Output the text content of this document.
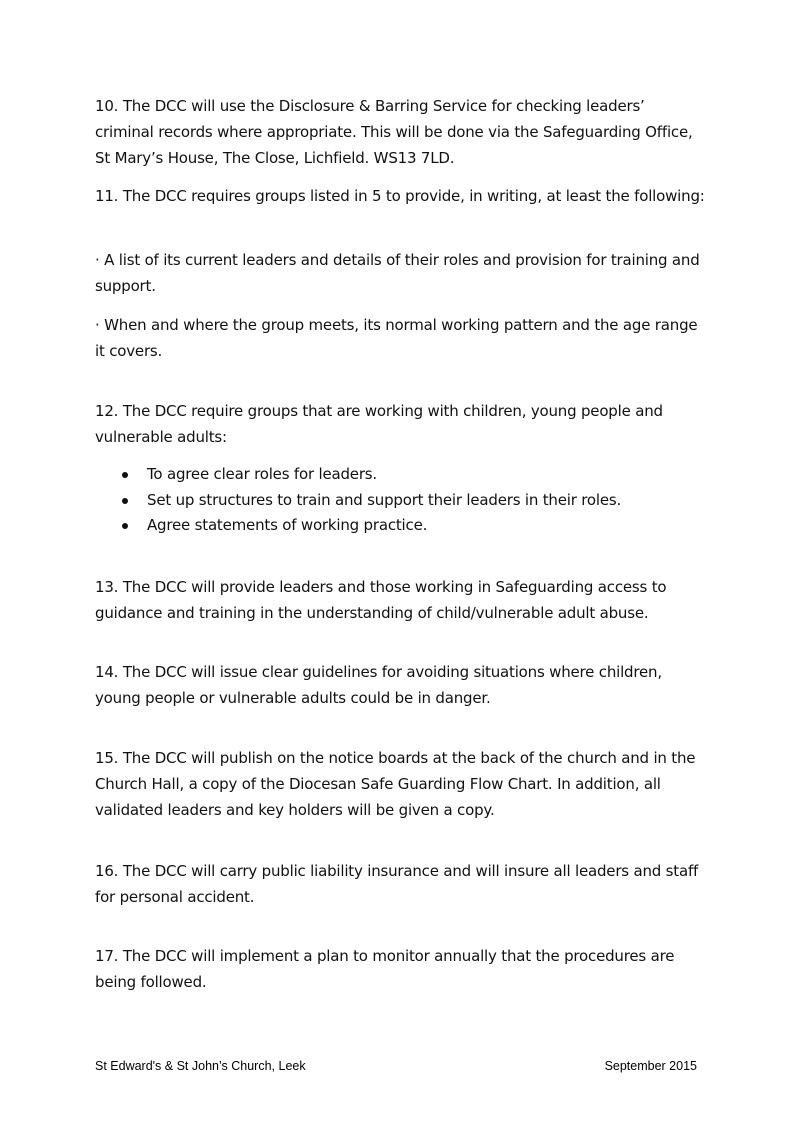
10. The DCC will use the Disclosure & Barring Service for checking leaders’ criminal records where appropriate. This will be done via the Safeguarding Office, St Mary’s House, The Close, Lichfield. WS13 7LD.

11. The DCC requires groups listed in 5 to provide, in writing, at least the following:

· A list of its current leaders and details of their roles and provision for training and support.

· When and where the group meets, its normal working pattern and the age range it covers.

12. The DCC require groups that are working with children, young people and vulnerable adults:

To agree clear roles for leaders.
Set up structures to train and support their leaders in their roles.
Agree statements of working practice.

13. The DCC will provide leaders and those working in Safeguarding access to guidance and training in the understanding of child/vulnerable adult abuse.

14. The DCC will issue clear guidelines for avoiding situations where children, young people or vulnerable adults could be in danger.

15. The DCC will publish on the notice boards at the back of the church and in the Church Hall, a copy of the Diocesan Safe Guarding Flow Chart. In addition, all validated leaders and key holders will be given a copy.

16. The DCC will carry public liability insurance and will insure all leaders and staff for personal accident.

17. The DCC will implement a plan to monitor annually that the procedures are being followed.

St Edward's & St John’s Church, Leek	September 2015
